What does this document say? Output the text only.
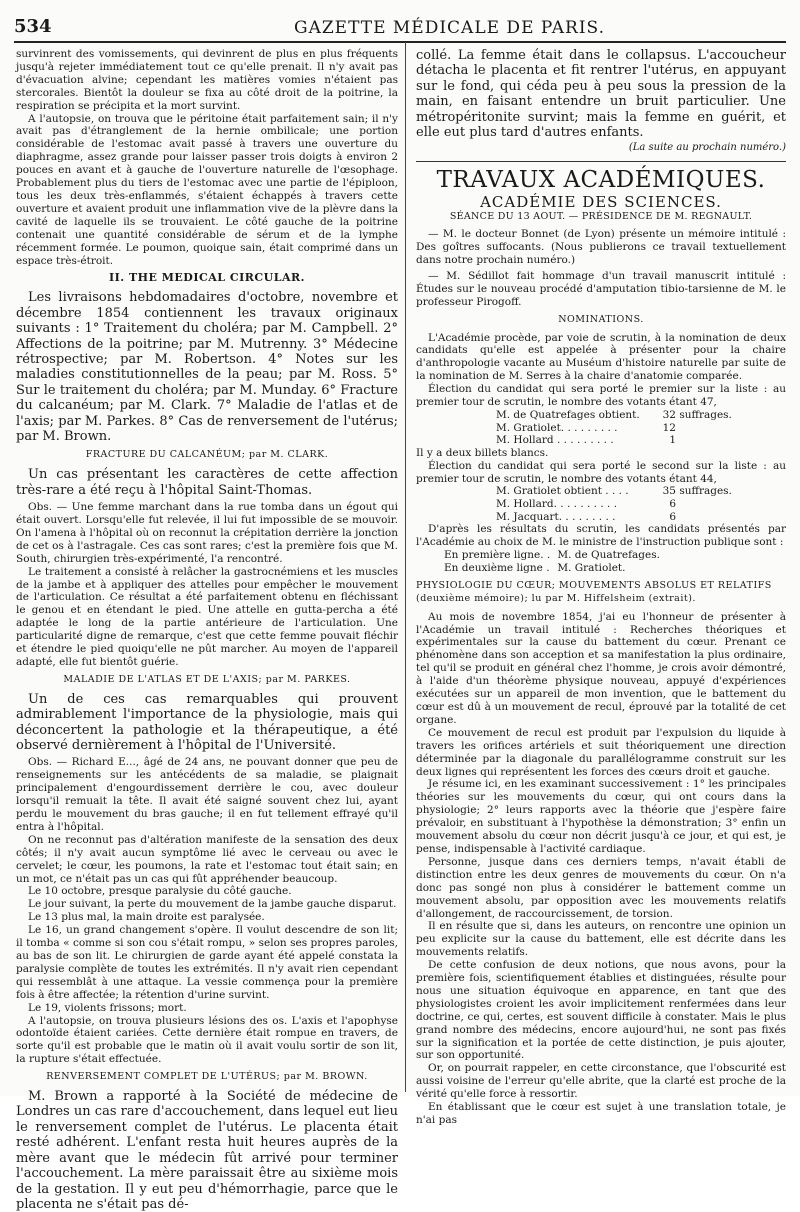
534	GAZETTE MÉDICALE DE PARIS.

survinrent des vomissements, qui devinrent de plus en plus fréquents jusqu'à rejeter immédiatement tout ce qu'elle prenait. Il n'y avait pas d'évacuation alvine; cependant les matières vomies n'étaient pas stercorales. Bientôt la douleur se fixa au côté droit de la poitrine, la respiration se précipita et la mort survint.

A l'autopsie, on trouva que le péritoine était parfaitement sain; il n'y avait pas d'étranglement de la hernie ombilicale; une portion considérable de l'estomac avait passé à travers une ouverture du diaphragme, assez grande pour laisser passer trois doigts à environ 2 pouces en avant et à gauche de l'ouverture naturelle de l'œsophage. Probablement plus du tiers de l'estomac avec une partie de l'épiploon, tous les deux très-enflammés, s'étaient échappés à travers cette ouverture et avaient produit une inflammation vive de la plèvre dans la cavité de laquelle ils se trouvaient. Le côté gauche de la poitrine contenait une quantité considérable de sérum et de la lymphe récemment formée. Le poumon, quoique sain, était comprimé dans un espace très-étroit.

II. THE MEDICAL CIRCULAR.

Les livraisons hebdomadaires d'octobre, novembre et décembre 1854 contiennent les travaux originaux suivants : 1° Traitement du choléra; par M. Campbell. 2° Affections de la poitrine; par M. Mutrenny. 3° Médecine rétrospective; par M. Robertson. 4° Notes sur les maladies constitutionnelles de la peau; par M. Ross. 5° Sur le traitement du choléra; par M. Munday. 6° Fracture du calcanéum; par M. Clark. 7° Maladie de l'atlas et de l'axis; par M. Parkes. 8° Cas de renversement de l'utérus; par M. Brown.

FRACTURE DU CALCANÉUM; par M. CLARK.

Un cas présentant les caractères de cette affection très-rare a été reçu à l'hôpital Saint-Thomas.

Obs. — Une femme marchant dans la rue tomba dans un égout qui était ouvert. Lorsqu'elle fut relevée, il lui fut impossible de se mouvoir. On l'amena à l'hôpital où on reconnut la crépitation derrière la jonction de cet os à l'astragale. Ces cas sont rares; c'est la première fois que M. South, chirurgien très-expérimenté, l'a rencontré.

Le traitement a consisté à relâcher la gastrocnémiens et les muscles de la jambe et à appliquer des attelles pour empêcher le mouvement de l'articulation. Ce résultat a été parfaitement obtenu en fléchissant le genou et en étendant le pied. Une attelle en gutta-percha a été adaptée le long de la partie antérieure de l'articulation. Une particularité digne de remarque, c'est que cette femme pouvait fléchir et étendre le pied quoiqu'elle ne pût marcher. Au moyen de l'appareil adapté, elle fut bientôt guérie.

MALADIE DE L'ATLAS ET DE L'AXIS; par M. PARKES.

Un de ces cas remarquables qui prouvent admirablement l'importance de la physiologie, mais qui déconcertent la pathologie et la thérapeutique, a été observé dernièrement à l'hôpital de l'Université.

Obs. — Richard E..., âgé de 24 ans, ne pouvant donner que peu de renseignements sur les antécédents de sa maladie, se plaignait principalement d'engourdissement derrière le cou, avec douleur lorsqu'il remuait la tête. Il avait été saigné souvent chez lui, ayant perdu le mouvement du bras gauche; il en fut tellement effrayé qu'il entra à l'hôpital.

On ne reconnut pas d'altération manifeste de la sensation des deux côtés; il n'y avait aucun symptôme lié avec le cerveau ou avec le cervelet; le cœur, les poumons, la rate et l'estomac tout était sain; en un mot, ce n'était pas un cas qui fût appréhender beaucoup.

Le 10 octobre, presque paralysie du côté gauche.

Le jour suivant, la perte du mouvement de la jambe gauche disparut.

Le 13 plus mal, la main droite est paralysée.

Le 16, un grand changement s'opère. Il voulut descendre de son lit; il tomba « comme si son cou s'était rompu, » selon ses propres paroles, au bas de son lit. Le chirurgien de garde ayant été appelé constata la paralysie complète de toutes les extrémités. Il n'y avait rien cependant qui ressemblât à une attaque. La vessie commença pour la première fois à être affectée; la rétention d'urine survint.

Le 19, violents frissons; mort.

A l'autopsie, on trouva plusieurs lésions des os. L'axis et l'apophyse odontoïde étaient cariées. Cette dernière était rompue en travers, de sorte qu'il est probable que le matin où il avait voulu sortir de son lit, la rupture s'était effectuée.

RENVERSEMENT COMPLET DE L'UTÉRUS; par M. BROWN.

M. Brown a rapporté à la Société de médecine de Londres un cas rare d'accouchement, dans lequel eut lieu le renversement complet de l'utérus. Le placenta était resté adhérent. L'enfant resta huit heures auprès de la mère avant que le médecin fût arrivé pour terminer l'accouchement. La mère paraissait être au sixième mois de la gestation. Il y eut peu d'hémorrhagie, parce que le placenta ne s'était pas dé-

collé. La femme était dans le collapsus. L'accoucheur détacha le placenta et fit rentrer l'utérus, en appuyant sur le fond, qui céda peu à peu sous la pression de la main, en faisant entendre un bruit particulier. Une métropéritonite survint; mais la femme en guérit, et elle eut plus tard d'autres enfants.

(La suite au prochain numéro.)
TRAVAUX ACADÉMIQUES.
ACADÉMIE DES SCIENCES.
SÉANCE DU 13 AOUT. — PRÉSIDENCE DE M. REGNAULT.

— M. le docteur Bonnet (de Lyon) présente un mémoire intitulé : Des goîtres suffocants. (Nous publierons ce travail textuellement dans notre prochain numéro.)

— M. Sédillot fait hommage d'un travail manuscrit intitulé : Études sur le nouveau procédé d'amputation tibio-tarsienne de M. le professeur Pirogoff.

NOMINATIONS.

L'Académie procède, par voie de scrutin, à la nomination de deux candidats qu'elle est appelée à présenter pour la chaire d'anthropologie vacante au Muséum d'histoire naturelle par suite de la nomination de M. Serres à la chaire d'anatomie comparée.

Élection du candidat qui sera porté le premier sur la liste : au premier tour de scrutin, le nombre des votants étant 47,

M. de Quatrefages obtient. 32 suffrages.
M. Gratiolet. . . . . . . . .	12
M. Hollard . . . . . . . . .	1

Il y a deux billets blancs.

Élection du candidat qui sera porté le second sur la liste : au premier tour de scrutin, le nombre des votants étant 44,

M. Gratiolet obtient . . . .	35 suffrages.
M. Hollard. . . . . . . . . .	6
M. Jacquart. . . . . . . . .	6

D'après les résultats du scrutin, les candidats présentés par l'Académie au choix de M. le ministre de l'instruction publique sont :

En première ligne. . M. de Quatrefages.
En deuxième ligne . M. Gratiolet.
PHYSIOLOGIE DU CŒUR; MOUVEMENTS ABSOLUS ET RELATIFS (deuxième mémoire); lu par M. Hiffelsheim (extrait).

Au mois de novembre 1854, j'ai eu l'honneur de présenter à l'Académie un travail intitulé : Recherches théoriques et expérimentales sur la cause du battement du cœur. Prenant ce phénomène dans son acception et sa manifestation la plus ordinaire, tel qu'il se produit en général chez l'homme, je crois avoir démontré, à l'aide d'un théorème physique nouveau, appuyé d'expériences exécutées sur un appareil de mon invention, que le battement du cœur est dû à un mouvement de recul, éprouvé par la totalité de cet organe.

Ce mouvement de recul est produit par l'expulsion du liquide à travers les orifices artériels et suit théoriquement une direction déterminée par la diagonale du parallélogramme construit sur les deux lignes qui représentent les forces des cœurs droit et gauche.

Je résume ici, en les examinant successivement : 1° les principales théories sur les mouvements du cœur, qui ont cours dans la physiologie; 2° leurs rapports avec la théorie que j'espère faire prévaloir, en substituant à l'hypothèse la démonstration; 3° enfin un mouvement absolu du cœur non décrit jusqu'à ce jour, et qui est, je pense, indispensable à l'activité cardiaque.

Personne, jusque dans ces derniers temps, n'avait établi de distinction entre les deux genres de mouvements du cœur. On n'a donc pas songé non plus à considérer le battement comme un mouvement absolu, par opposition avec les mouvements relatifs d'allongement, de raccourcissement, de torsion.

Il en résulte que si, dans les auteurs, on rencontre une opinion un peu explicite sur la cause du battement, elle est décrite dans les mouvements relatifs.

De cette confusion de deux notions, que nous avons, pour la première fois, scientifiquement établies et distinguées, résulte pour nous une situation équivoque en apparence, en tant que des physiologistes croient les avoir implicitement renfermées dans leur doctrine, ce qui, certes, est souvent difficile à constater. Mais le plus grand nombre des médecins, encore aujourd'hui, ne sont pas fixés sur la signification et la portée de cette distinction, je puis ajouter, sur son opportunité.

Or, on pourrait rappeler, en cette circonstance, que l'obscurité est aussi voisine de l'erreur qu'elle abrite, que la clarté est proche de la vérité qu'elle force à ressortir.

En établissant que le cœur est sujet à une translation totale, je n'ai pas
